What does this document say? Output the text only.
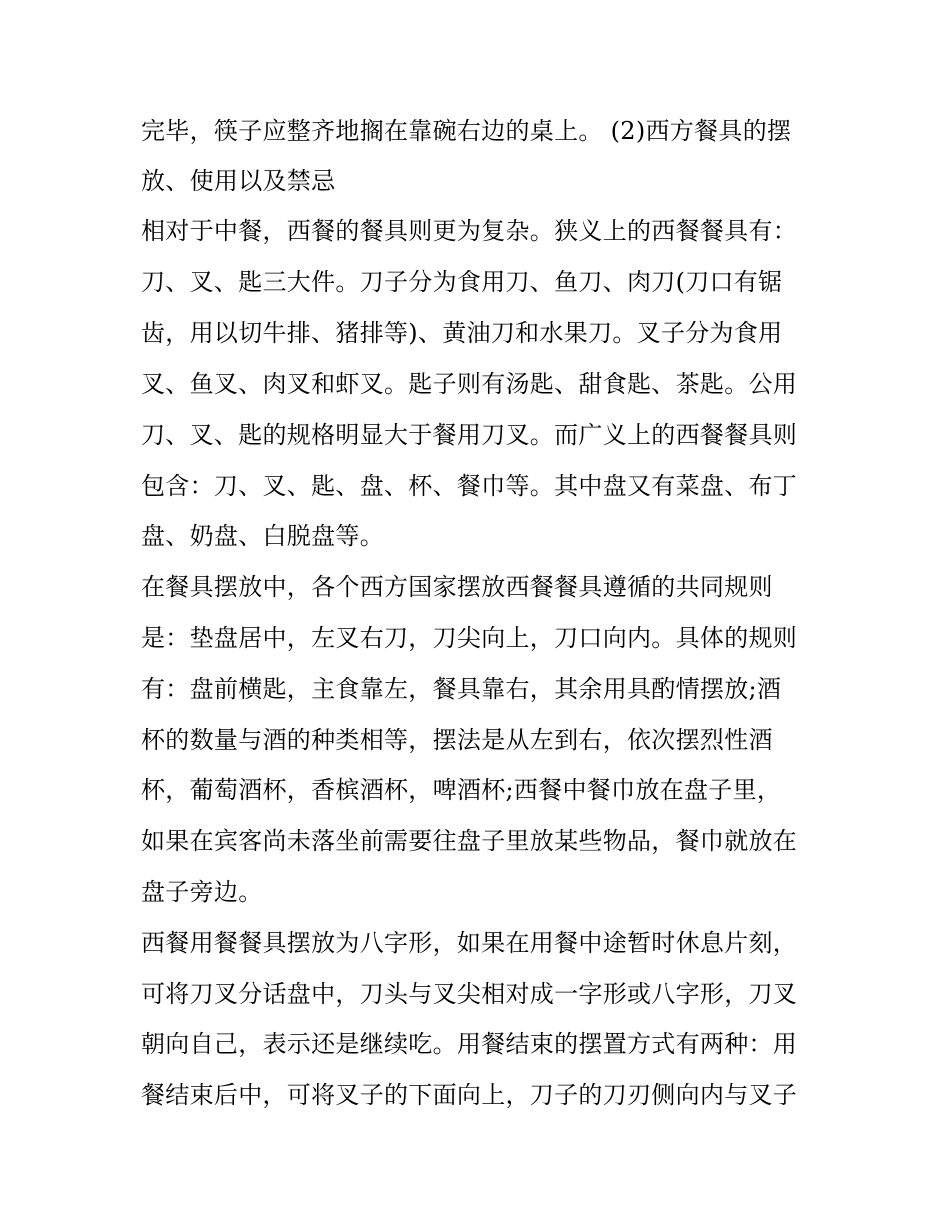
完毕，筷子应整齐地搁在靠碗右边的桌上。 (2)西方餐具的摆
放、使用以及禁忌
相对于中餐，西餐的餐具则更为复杂。狭义上的西餐餐具有：
刀、叉、匙三大件。刀子分为食用刀、鱼刀、肉刀(刀口有锯
齿，用以切牛排、猪排等)、黄油刀和水果刀。叉子分为食用
叉、鱼叉、肉叉和虾叉。匙子则有汤匙、甜食匙、茶匙。公用
刀、叉、匙的规格明显大于餐用刀叉。而广义上的西餐餐具则
包含：刀、叉、匙、盘、杯、餐巾等。其中盘又有菜盘、布丁
盘、奶盘、白脱盘等。
在餐具摆放中，各个西方国家摆放西餐餐具遵循的共同规则
是：垫盘居中，左叉右刀，刀尖向上，刀口向内。具体的规则
有：盘前横匙，主食靠左，餐具靠右，其余用具酌情摆放;酒
杯的数量与酒的种类相等，摆法是从左到右，依次摆烈性酒
杯，葡萄酒杯，香槟酒杯，啤酒杯;西餐中餐巾放在盘子里，
如果在宾客尚未落坐前需要往盘子里放某些物品，餐巾就放在
盘子旁边。
西餐用餐餐具摆放为八字形，如果在用餐中途暂时休息片刻，
可将刀叉分话盘中，刀头与叉尖相对成一字形或八字形，刀叉
朝向自己，表示还是继续吃。用餐结束的摆置方式有两种：用
餐结束后中，可将叉子的下面向上，刀子的刀刃侧向内与叉子
